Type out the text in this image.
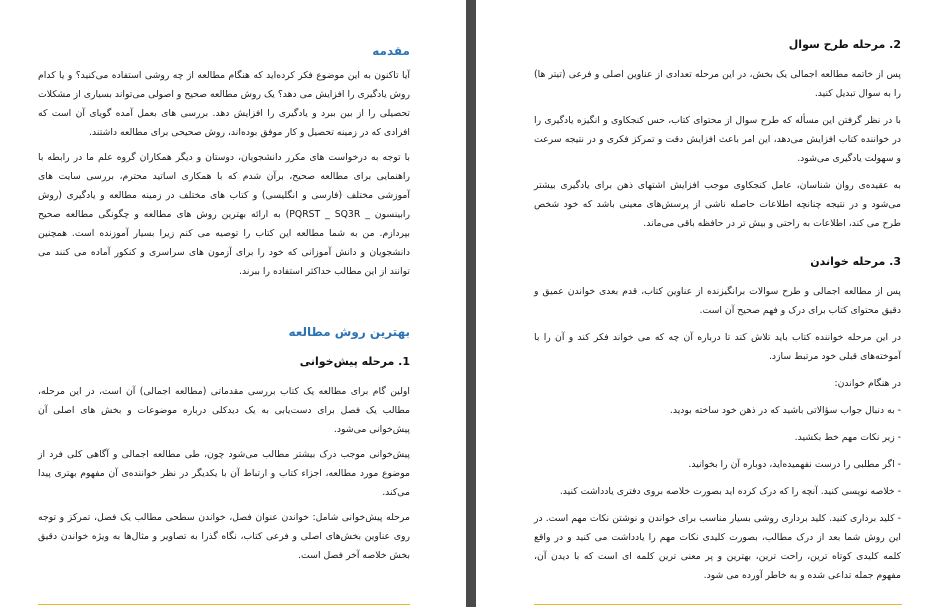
مقدمه

آیا تاکنون به این موضوع فکر کرده‌اید که هنگام مطالعه از چه روشی استفاده می‌کنید؟ و یا کدام روش یادگیری را افزایش می دهد؟ یک روش مطالعه صحیح و اصولی می‌تواند بسیاری از مشکلات تحصیلی را از بین ببرد و یادگیری را افزایش دهد. بررسی های بعمل آمده گویای آن است که افرادی که در زمینه تحصیل و کار موفق بوده‌اند، روش صحیحی برای مطالعه داشتند.

با توجه به درخواست های مکرر دانشجویان، دوستان و دیگر همکاران گروه علم ما در رابطه با راهنمایی برای مطالعه صحیح، برآن شدم که با همکاری اساتید محترم، بررسی سایت های آموزشی مختلف (فارسی و انگلیسی) و کتاب های مختلف در زمینه مطالعه و یادگیری (روش رابینسون _ PQRST _ SQ3R) به ارائه بهترین روش های مطالعه و چگونگی مطالعه صحیح بپردازم. من به شما مطالعه این کتاب را توصیه می کنم زیرا بسیار آموزنده است. همچنین دانشجویان و دانش آموزانی که خود را برای آزمون های سراسری و کنکور آماده می کنند می توانند از این مطالب حداکثر استفاده را ببرند.

بهترین روش مطالعه
1. مرحله پیش‌خوانی

اولین گام برای مطالعه یک کتاب بررسی مقدماتی (مطالعه اجمالی) آن است، در این مرحله، مطالب یک فصل برای دست‌یابی به یک دیدکلی درباره موضوعات و بخش های اصلی آن پیش‌خوانی می‌شود.

پیش‌خوانی موجب درک بیشتر مطالب می‌شود چون، طی مطالعه اجمالی و آگاهی کلی فرد از موضوع مورد مطالعه، اجزاء کتاب و ارتباط آن با یکدیگر در نظر خواننده‌ی آن مفهوم بهتری پیدا می‌کند.

مرحله پیش‌خوانی شامل: خواندن عنوان فصل، خواندن سطحی مطالب یک فصل، تمرکز و توجه روی عناوین بخش‌های اصلی و فرعی کتاب، نگاه گذرا به تصاویر و مثال‌ها به ویژه خواندن دقیق بخش خلاصه آخر فصل است.

2. مرحله طرح سوال

پس از خاتمه مطالعه اجمالی یک بخش، در این مرحله تعدادی از عناوین اصلی و فرعی (تیتر ها) را به سوال تبدیل کنید.

با در نظر گرفتن این مسأله که طرح سوال از محتوای کتاب، حس کنجکاوی و انگیزه یادگیری را در خواننده کتاب افزایش می‌دهد، این امر باعث افزایش دقت و تمرکز فکری و در نتیجه سرعت و سهولت یادگیری می‌شود.

به عقیده‌ی روان شناسان، عامل کنجکاوی موجب افزایش اشتهای ذهن برای یادگیری بیشتر می‌شود و در نتیجه چنانچه اطلاعات حاصله ناشی از پرسش‌های معینی باشد که خود شخص طرح می کند، اطلاعات به راحتی و بیش تر در حافظه باقی می‌ماند.

3. مرحله خواندن

پس از مطالعه اجمالی و طرح سوالات برانگیزنده از عناوین کتاب، قدم بعدی خواندن عمیق و دقیق محتوای کتاب برای درک و فهم صحیح آن است.

در این مرحله خواننده کتاب باید تلاش کند تا درباره آن چه که می خواند فکر کند و آن را با آموخته‌های قبلی خود مرتبط سازد.

در هنگام خواندن:

- به دنبال جواب سؤالاتی باشید که در ذهن خود ساخته بودید.

- زیر نکات مهم خط بکشید.

- اگر مطلبی را درست نفهمیده‌اید، دوباره آن را بخوانید.

- خلاصه نویسی کنید. آنچه را که درک کرده اید بصورت خلاصه بروی دفتری یادداشت کنید.

- کلید برداری کنید. کلید برداری روشی بسیار مناسب برای خواندن و نوشتن نکات مهم است. در این روش شما بعد از درک مطالب، بصورت کلیدی نکات مهم را یادداشت می کنید و در واقع کلمه کلیدی کوتاه ترین، راحت ترین، بهترین و پر معنی ترین کلمه ای است که با دیدن آن، مفهوم جمله تداعی شده و به خاطر آورده می شود.
